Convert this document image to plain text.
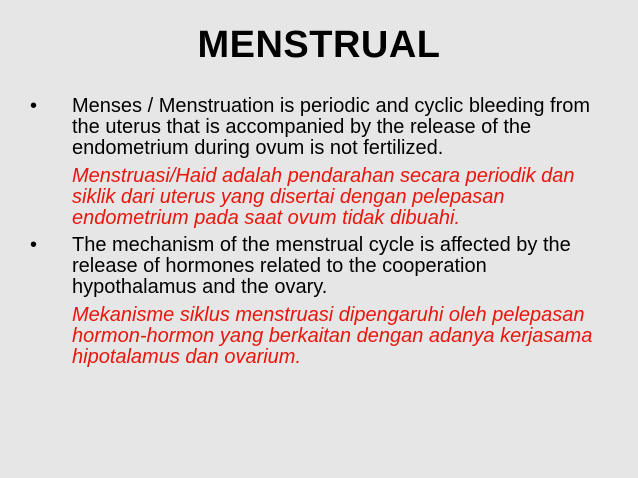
MENSTRUAL
• Menses / Menstruation is periodic and cyclic bleeding from the uterus that is accompanied by the release of the endometrium during ovum is not fertilized.
Menstruasi/Haid adalah pendarahan secara periodik dan siklik dari uterus yang disertai dengan pelepasan endometrium pada saat ovum tidak dibuahi.
• The mechanism of the menstrual cycle is affected by the release of hormones related to the cooperation hypothalamus and the ovary.
Mekanisme siklus menstruasi dipengaruhi oleh pelepasan hormon-hormon yang berkaitan dengan adanya kerjasama hipotalamus dan ovarium.
